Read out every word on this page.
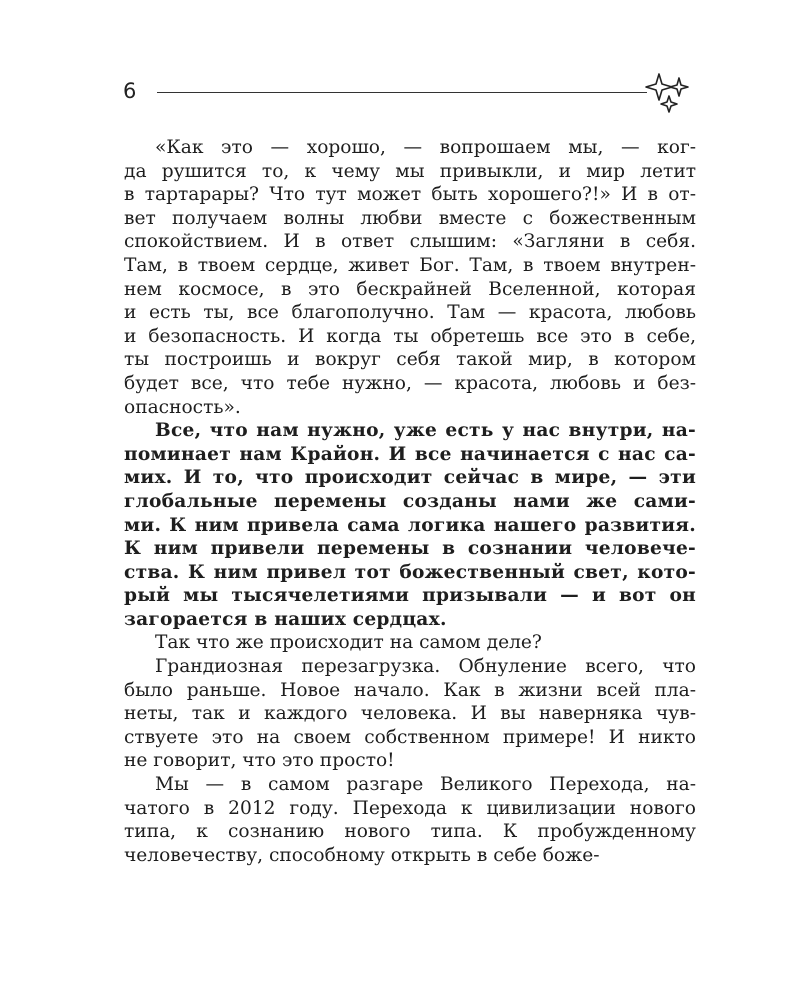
6
«Как это — хорошо, — вопрошаем мы, — ког-
да рушится то, к чему мы привыкли, и мир летит
в тартарары? Что тут может быть хорошего?!» И в от-
вет получаем волны любви вместе с божественным
спокойствием. И в ответ слышим: «Загляни в себя.
Там, в твоем сердце, живет Бог. Там, в твоем внутрен-
нем космосе, в это бескрайней Вселенной, которая
и есть ты, все благополучно. Там — красота, любовь
и безопасность. И когда ты обретешь все это в себе,
ты построишь и вокруг себя такой мир, в котором
будет все, что тебе нужно, — красота, любовь и без-
опасность».
Все, что нам нужно, уже есть у нас внутри, на-
поминает нам Крайон. И все начинается с нас са-
мих. И то, что происходит сейчас в мире, — эти
глобальные перемены созданы нами же сами-
ми. К ним привела сама логика нашего развития.
К ним привели перемены в сознании человече-
ства. К ним привел тот божественный свет, кото-
рый мы тысячелетиями призывали — и вот он
загорается в наших сердцах.
Так что же происходит на самом деле?
Грандиозная перезагрузка. Обнуление всего, что
было раньше. Новое начало. Как в жизни всей пла-
неты, так и каждого человека. И вы наверняка чув-
ствуете это на своем собственном примере! И никто
не говорит, что это просто!
Мы — в самом разгаре Великого Перехода, на-
чатого в 2012 году. Перехода к цивилизации нового
типа, к сознанию нового типа. К пробужденному
человечеству, способному открыть в себе боже-
